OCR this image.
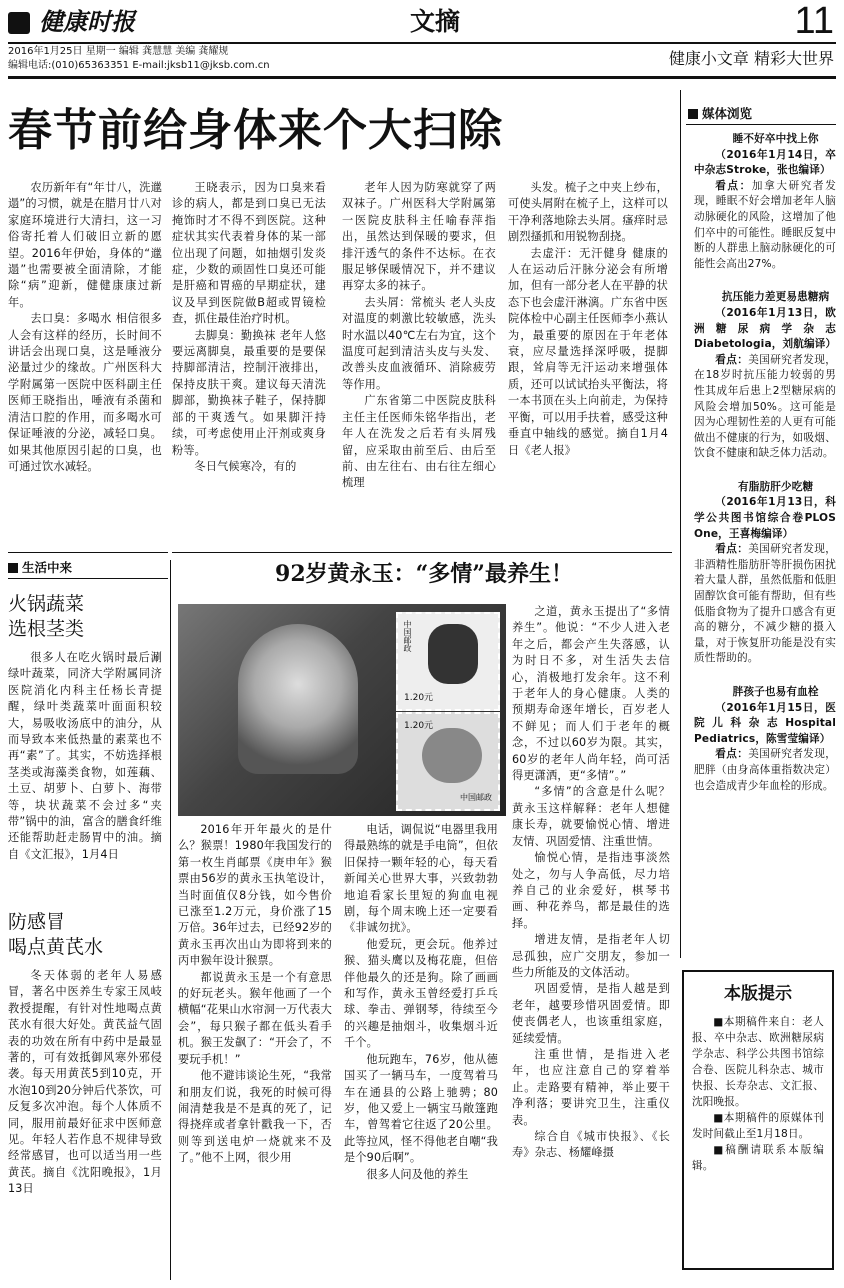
健康时报	文摘	11
2016年1月25日 星期一 编辑 龚慧慧 美编 龚耀规
编辑电话:(010)65363351 E-mail:jksb11@jksb.com.cn	健康小文章 精彩大世界
春节前给身体来个大扫除

农历新年有“年廿八，洗邋遢”的习惯，就是在腊月廿八对家庭环境进行大清扫，这一习俗寄托着人们破旧立新的愿望。2016年伊始，身体的“邋遢”也需要被全面清除，才能除“病”迎新，健健康康过新年。

去口臭：多喝水 相信很多人会有这样的经历，长时间不讲话会出现口臭，这是唾液分泌量过少的缘故。广州医科大学附属第一医院中医科副主任医师王晓指出，唾液有杀菌和清洁口腔的作用，而多喝水可保证唾液的分泌，减轻口臭。如果其他原因引起的口臭，也可通过饮水减轻。

王晓表示，因为口臭来看诊的病人，都是到口臭已无法掩饰时才不得不到医院。这种症状其实代表着身体的某一部位出现了问题，如抽烟引发炎症，少数的顽固性口臭还可能是肝癌和胃癌的早期症状，建议及早到医院做B超或胃镜检查，抓住最佳治疗时机。

去脚臭：勤换袜 老年人悠要远离脚臭，最重要的是要保持脚部清洁，控制汗液排出，保持皮肤干爽。建议每天清洗脚部，勤换袜子鞋子，保持脚部的干爽透气。如果脚汗持续，可考虑使用止汗剂或爽身粉等。

冬日气候寒冷，有的

老年人因为防寒就穿了两双袜子。广州医科大学附属第一医院皮肤科主任喻春萍指出，虽然达到保暖的要求，但排汗透气的条件不达标。在衣服足够保暖情况下，并不建议再穿太多的袜子。

去头屑：常梳头 老人头皮对温度的刺激比较敏感，洗头时水温以40℃左右为宜，这个温度可起到清洁头皮与头发、改善头皮血液循环、消除疲劳等作用。

广东省第二中医院皮肤科主任主任医师朱铭华指出，老年人在洗发之后若有头屑残留，应采取由前至后、由后至前、由左往右、由右往左细心梳理

头发。梳子之中夹上纱布，可使头屑附在梳子上，这样可以干净利落地除去头屑。瘙痒时忌剧烈搔抓和用锐物刮挠。

去虚汗：无汗健身 健康的人在运动后汗脉分泌会有所增加，但有一部分老人在平静的状态下也会虚汗淋漓。广东省中医院体检中心副主任医师李小燕认为，最重要的原因在于年老体衰，应尽量选择深呼吸，提脚跟，耸肩等无汗运动来增强体质，还可以试试抬头平衡法，将一本书顶在头上向前走，为保持平衡，可以用手扶着，感受这种垂直中轴线的感觉。摘自1月4日《老人报》

生活中来
火锅蔬菜
选根茎类

很多人在吃火锅时最后涮绿叶蔬菜，同济大学附属同济医院消化内科主任杨长青提醒，绿叶类蔬菜叶面面积较大，易吸收汤底中的油分，从而导致本来低热量的素菜也不再“素”了。其实，不妨选择根茎类或海藻类食物，如莲藕、土豆、胡萝卜、白萝卜、海带等，块状蔬菜不会过多“夹带”锅中的油，富含的膳食纤维还能帮助赶走肠胃中的油。摘自《文汇报》，1月4日

防感冒
喝点黄芪水

冬天体弱的老年人易感冒，著名中医养生专家王凤岐教授提醒，有针对性地喝点黄芪水有很大好处。黄芪益气固表的功效在所有中药中是最显著的，可有效抵御风寒外邪侵袭。每天用黄芪5到10克，开水泡10到20分钟后代茶饮，可反复多次冲泡。每个人体质不同，服用前最好征求中医师意见。年轻人若作息不规律导致经常感冒，也可以适当用一些黄芪。摘自《沈阳晚报》，1月13日

92岁黄永玉：“多情”最养生！
中国邮政
1.20元
1.20元
中国邮政

2016年开年最火的是什么？猴票！1980年我国发行的第一枚生肖邮票《庚申年》猴票由56岁的黄永玉执笔设计，当时面值仅8分钱，如今售价已涨至1.2万元，身价涨了15万倍。36年过去，已经92岁的黄永玉再次出山为即将到来的丙申猴年设计猴票。

都说黄永玉是一个有意思的好玩老头。猴年他画了一个横幅“花果山水帘洞一万代表大会”，每只猴子都在低头看手机。猴王发飙了：“开会了，不要玩手机！”

他不避讳谈论生死，“我常和朋友们说，我死的时候可得闹清楚我是不是真的死了，记得挠痒或者拿针戳我一下，否则等到送电炉一烧就来不及了。”他不上网，很少用

电话，调侃说“电器里我用得最熟练的就是手电筒”，但依旧保持一颗年轻的心，每天看新闻关心世界大事，兴致勃勃地追看家长里短的狗血电视剧，每个周末晚上还一定要看《非诚勿扰》。

他爱玩，更会玩。他养过猴、猫头鹰以及梅花鹿，但倍伴他最久的还是狗。除了画画和写作，黄永玉曾经爱打乒乓球、拳击、弹钢琴，待续至今的兴趣是抽烟斗，收集烟斗近千个。

他玩跑车，76岁，他从德国买了一辆马车，一度驾着马车在通县的公路上驰骋；80岁，他又爱上一辆宝马敞篷跑车，曾驾着它往返了20公里。此等拉风，怪不得他老自嘲“我是个90后啊”。

很多人问及他的养生

之道，黄永玉提出了“多情养生”。他说：“不少人进入老年之后，都会产生失落感，认为时日不多，对生活失去信心，消极地打发余年。这不利于老年人的身心健康。人类的预期寿命逐年增长，百岁老人不鲜见；而人们于老年的概念，不过以60岁为限。其实，60岁的老年人尚年轻，尚可活得更潇洒，更“多情”。”

“多情”的含意是什么呢？黄永玉这样解释：老年人想健康长寿，就要愉悦心情、增进友情、巩固爱情、注重世情。

愉悦心情，是指违事淡然处之，勿与人争高低，尽力培养自己的业余爱好，棋琴书画、种花养鸟，都是最佳的选择。

增进友情，是指老年人切忌孤独，应广交朋友，参加一些力所能及的文体活动。

巩固爱情，是指人越是到老年，越要珍惜巩固爱情。即使丧偶老人，也该重组家庭，延续爱情。

注重世情，是指进入老年，也应注意自己的穿着举止。走路要有精神，举止要干净利落；要讲究卫生，注重仪表。

综合自《城市快报》、《长寿》杂志、杨耀峰摄

媒体浏览

睡不好卒中找上你

（2016年1月14日，卒中杂志Stroke，张也编译）

看点：加拿大研究者发现，睡眠不好会增加老年人脑动脉硬化的风险，这增加了他们卒中的可能性。睡眠反复中断的人群患上脑动脉硬化的可能性会高出27%。

抗压能力差更易患糖病

（2016年1月13日，欧洲糖尿病学杂志Diabetologia，刘航编译）

看点：美国研究者发现，在18岁时抗压能力较弱的男性其成年后患上2型糖尿病的风险会增加50%。这可能是因为心理韧性差的人更有可能做出不健康的行为，如吸烟、饮食不健康和缺乏体力活动。

有脂肪肝少吃糖

（2016年1月13日，科学公共图书馆综合卷PLOS One，王喜梅编译）

看点：美国研究者发现，非酒精性脂肪肝等肝损伤困扰着大量人群，虽然低脂和低胆固醇饮食可能有帮助，但有些低脂食物为了提升口感含有更高的糖分，不减少糖的摄入量，对于恢复肝功能是没有实质性帮助的。

胖孩子也易有血栓

（2016年1月15日，医院儿科杂志Hospital Pediatrics，陈雪莹编译）

看点：美国研究者发现，肥胖（由身高体重指数决定）也会造成青少年血栓的形成。

本版提示

■本期稿件来自：老人报、卒中杂志、欧洲糖尿病学杂志、科学公共图书馆综合卷、医院儿科杂志、城市快报、长寿杂志、文汇报、沈阳晚报。

■本期稿件的原媒体刊发时间截止至1月18日。

■稿酬请联系本版编辑。
